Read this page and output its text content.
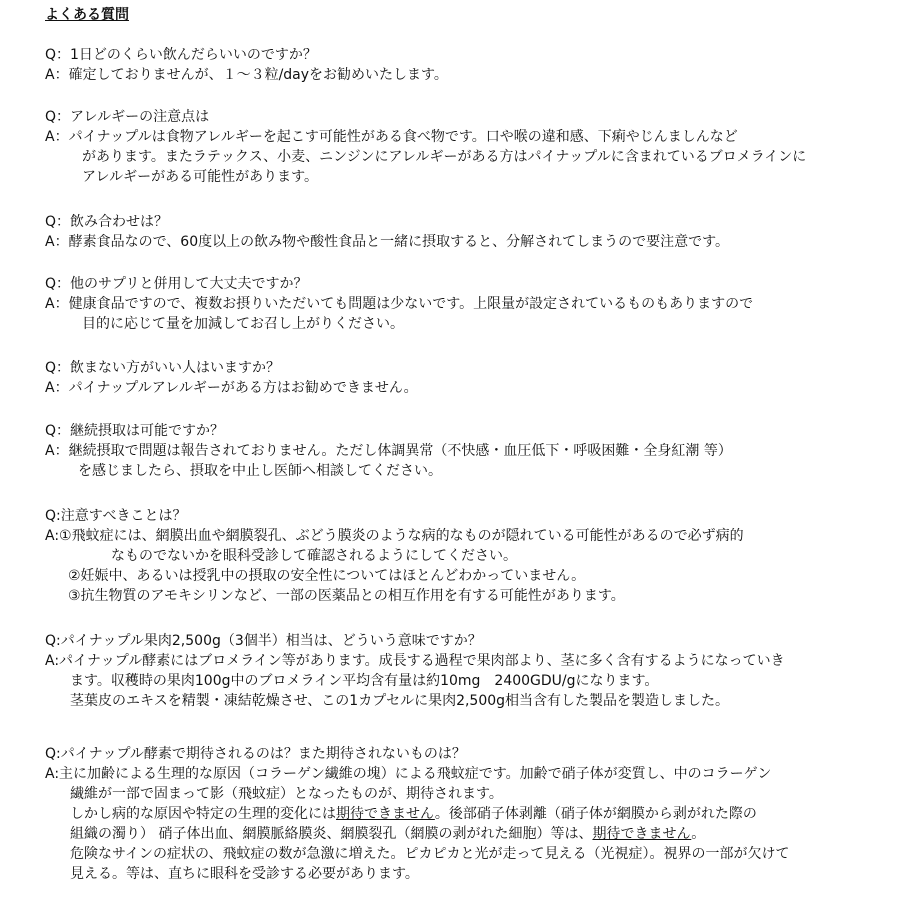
よくある質問
Q：1日どのくらい飲んだらいいのですか？
A：確定しておりませんが、１～３粒/dayをお勧めいたします。
Q：アレルギーの注意点は
A：パイナップルは食物アレルギーを起こす可能性がある食べ物です。口や喉の違和感、下痢やじんましんなど
があります。またラテックス、小麦、ニンジンにアレルギーがある方はパイナップルに含まれているブロメラインに
アレルギーがある可能性があります。
Q：飲み合わせは？
A：酵素食品なので、60度以上の飲み物や酸性食品と一緒に摂取すると、分解されてしまうので要注意です。
Q：他のサプリと併用して大丈夫ですか？
A：健康食品ですので、複数お摂りいただいても問題は少ないです。上限量が設定されているものもありますので
目的に応じて量を加減してお召し上がりください。
Q：飲まない方がいい人はいますか？
A：パイナップルアレルギーがある方はお勧めできません。
Q：継続摂取は可能ですか？
A：継続摂取で問題は報告されておりません。ただし体調異常（不快感・血圧低下・呼吸困難・全身紅潮 等）
を感じましたら、摂取を中止し医師へ相談してください。
Q:注意すべきことは？
A:①飛蚊症には、網膜出血や網膜裂孔、ぶどう膜炎のような病的なものが隠れている可能性があるので必ず病的
なものでないかを眼科受診して確認されるようにしてください。
②妊娠中、あるいは授乳中の摂取の安全性についてはほとんどわかっていません。
③抗生物質のアモキシリンなど、一部の医薬品との相互作用を有する可能性があります。
Q:パイナップル果肉2,500g（3個半）相当は、どういう意味ですか？
A:パイナップル酵素にはブロメライン等があります。成長する過程で果肉部より、茎に多く含有するようになっていき
ます。収穫時の果肉100g中のブロメライン平均含有量は約10mg　2400GDU/gになります。
茎葉皮のエキスを精製・凍結乾燥させ、この1カプセルに果肉2,500g相当含有した製品を製造しました。
Q:パイナップル酵素で期待されるのは？また期待されないものは？
A:主に加齢による生理的な原因（コラーゲン繊維の塊）による飛蚊症です。加齢で硝子体が変質し、中のコラーゲン
繊維が一部で固まって影（飛蚊症）となったものが、期待されます。
しかし病的な原因や特定の生理的変化には期待できません。後部硝子体剥離（硝子体が網膜から剥がれた際の
組織の濁り） 硝子体出血、網膜脈絡膜炎、網膜裂孔（網膜の剥がれた細胞）等は、期待できません。
危険なサインの症状の、飛蚊症の数が急激に増えた。ピカピカと光が走って見える（光視症）。視界の一部が欠けて
見える。等は、直ちに眼科を受診する必要があります。
